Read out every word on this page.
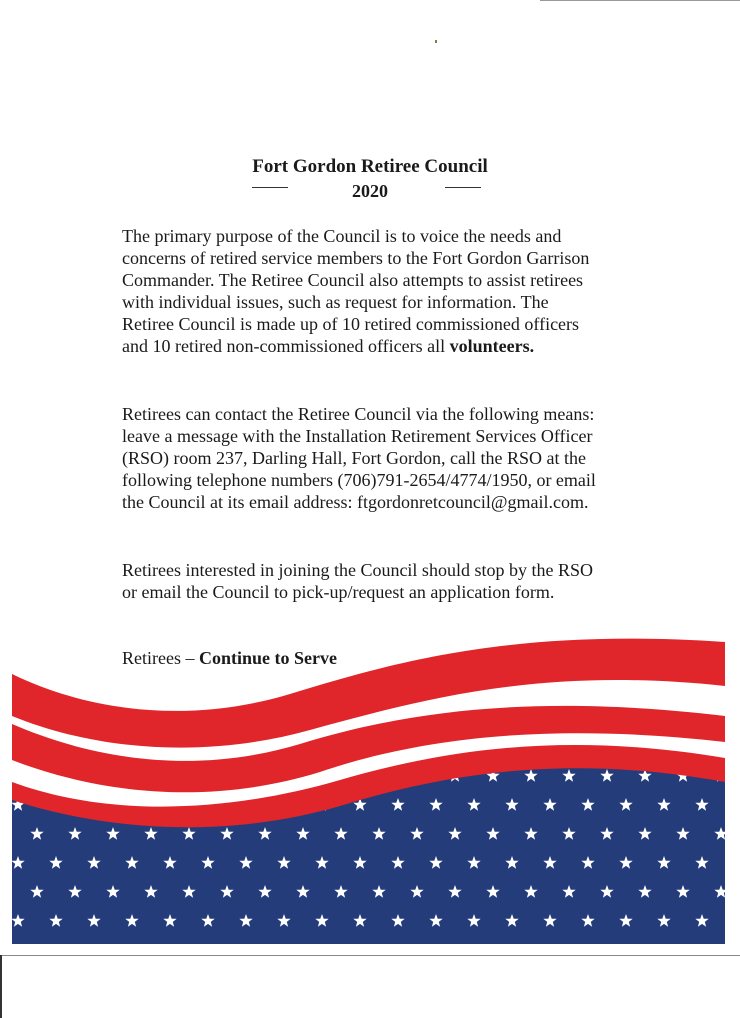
Fort Gordon Retiree Council
2020

The primary purpose of the Council is to voice the needs and concerns of retired service members to the Fort Gordon Garrison Commander. The Retiree Council also attempts to assist retirees with individual issues, such as request for information. The Retiree Council is made up of 10 retired commissioned officers and 10 retired non-commissioned officers all volunteers.

Retirees can contact the Retiree Council via the following means: leave a message with the Installation Retirement Services Officer (RSO) room 237, Darling Hall, Fort Gordon, call the RSO at the following telephone numbers (706)791-2654/4774/1950, or email the Council at its email address: ftgordonretcouncil@gmail.com.

Retirees interested in joining the Council should stop by the RSO or email the Council to pick-up/request an application form.

Retirees – Continue to Serve
